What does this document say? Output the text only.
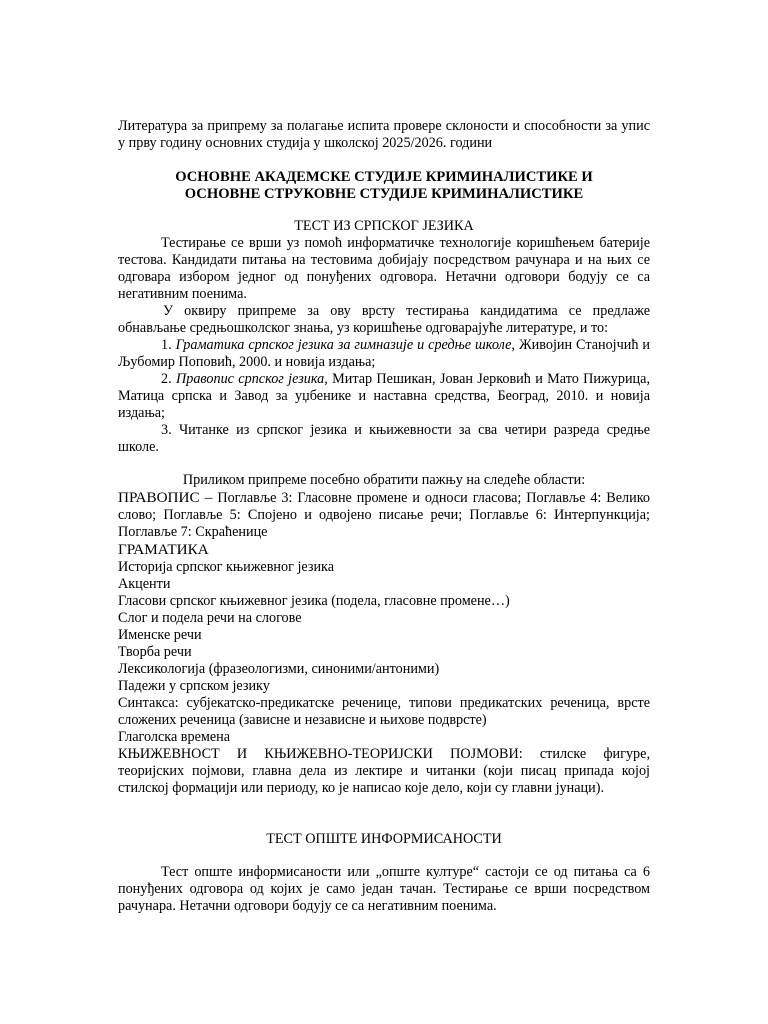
Литература за припрему за полагање испита провере склоности и способности за упис у прву годину основних студија у школској 2025/2026. години

ОСНОВНЕ АКАДЕМСКЕ СТУДИЈЕ КРИМИНАЛИСТИКЕ И ОСНОВНЕ СТРУКОВНЕ СТУДИЈЕ КРИМИНАЛИСТИКЕ

ТЕСТ ИЗ СРПСКОГ ЈЕЗИКА

Тестирање се врши уз помоћ информатичке технологије коришћењем батерије тестова. Кандидати питања на тестовима добијају посредством рачунара и на њих се одговара избором једног од понуђених одговора. Нетачни одговори бодују се са негативним поенима.

У оквиру припреме за ову врсту тестирања кандидатима се предлаже обнављање средњошколског знања, уз коришћење одговарајуће литературе, и то:

1. Граматика српског језика за гимназије и средње школе, Живојин Станојчић и Љубомир Поповић, 2000. и новија издања;

2. Правопис српског језика, Митар Пешикан, Јован Јерковић и Мато Пижурица, Матица српска и Завод за уџбенике и наставна средства, Београд, 2010. и новија издања;

3. Читанке из српског језика и књижевности за сва четири разреда средње школе.

Приликом припреме посебно обратити пажњу на следеће области:

ПРАВОПИС – Поглавље 3: Гласовне промене и односи гласова; Поглавље 4: Велико слово; Поглавље 5: Спојено и одвојено писање речи; Поглавље 6: Интерпункција; Поглавље 7: Скраћенице

ГРАМАТИКА

Историја српског књижевног језика

Акценти

Гласови српског књижевног језика (подела, гласовне промене…)

Слог и подела речи на слогове

Именске речи

Творба речи

Лексикологија (фразеологизми, синоними/антоними)

Падежи у српском језику

Синтакса: субјекатско-предикатске реченице, типови предикатских реченица, врсте сложених реченица (зависне и независне и њихове подврсте)

Глаголска времена

КЊИЖЕВНОСТ И КЊИЖЕВНО-ТЕОРИЈСКИ ПОЈМОВИ: стилске фигуре, теоријских појмови, главна дела из лектире и читанки (који писац припада којој стилској формацији или периоду, ко је написао које дело, који су главни јунаци).

ТЕСТ ОПШТЕ ИНФОРМИСАНОСТИ

Тест опште информисаности или „опште културе“ састоји се од питања са 6 понуђених одговора од којих је само један тачан. Тестирање се врши посредством рачунара. Нетачни одговори бодују се са негативним поенима.
